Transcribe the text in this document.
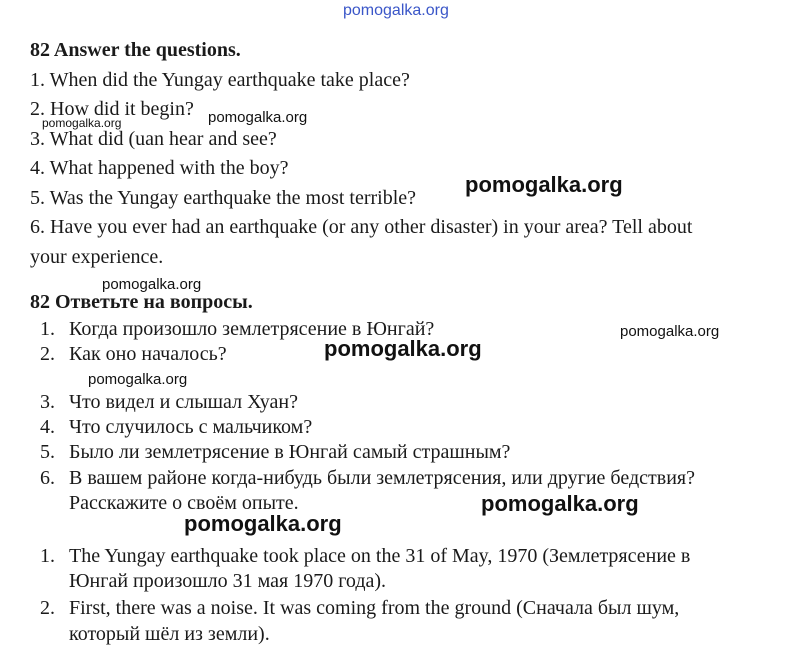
pomogalka.org
82 Answer the questions.
1. When did the Yungay earthquake take place?
2. How did it begin?
3. What did (uan hear and see?
4. What happened with the boy?
5. Was the Yungay earthquake the most terrible?
6. Have you ever had an earthquake (or any other disaster) in your area? Tell about
your experience.
82 Ответьте на вопросы.
1. Когда произошло землетрясение в Юнгай?
2. Как оно началось?
3. Что видел и слышал Хуан?
4. Что случилось с мальчиком?
5. Было ли землетрясение в Юнгай самый страшным?
6. В вашем районе когда-нибудь были землетрясения, или другие бедствия?
Расскажите о своём опыте.
1. The Yungay earthquake took place on the 31 of May, 1970 (Землетрясение в
Юнгай произошло 31 мая 1970 года).
2. First, there was a noise. It was coming from the ground (Сначала был шум,
который шёл из земли).
pomogalka.org	pomogalka.org
pomogalka.org
pomogalka.org
pomogalka.org
pomogalka.org
pomogalka.org
pomogalka.org
pomogalka.org
